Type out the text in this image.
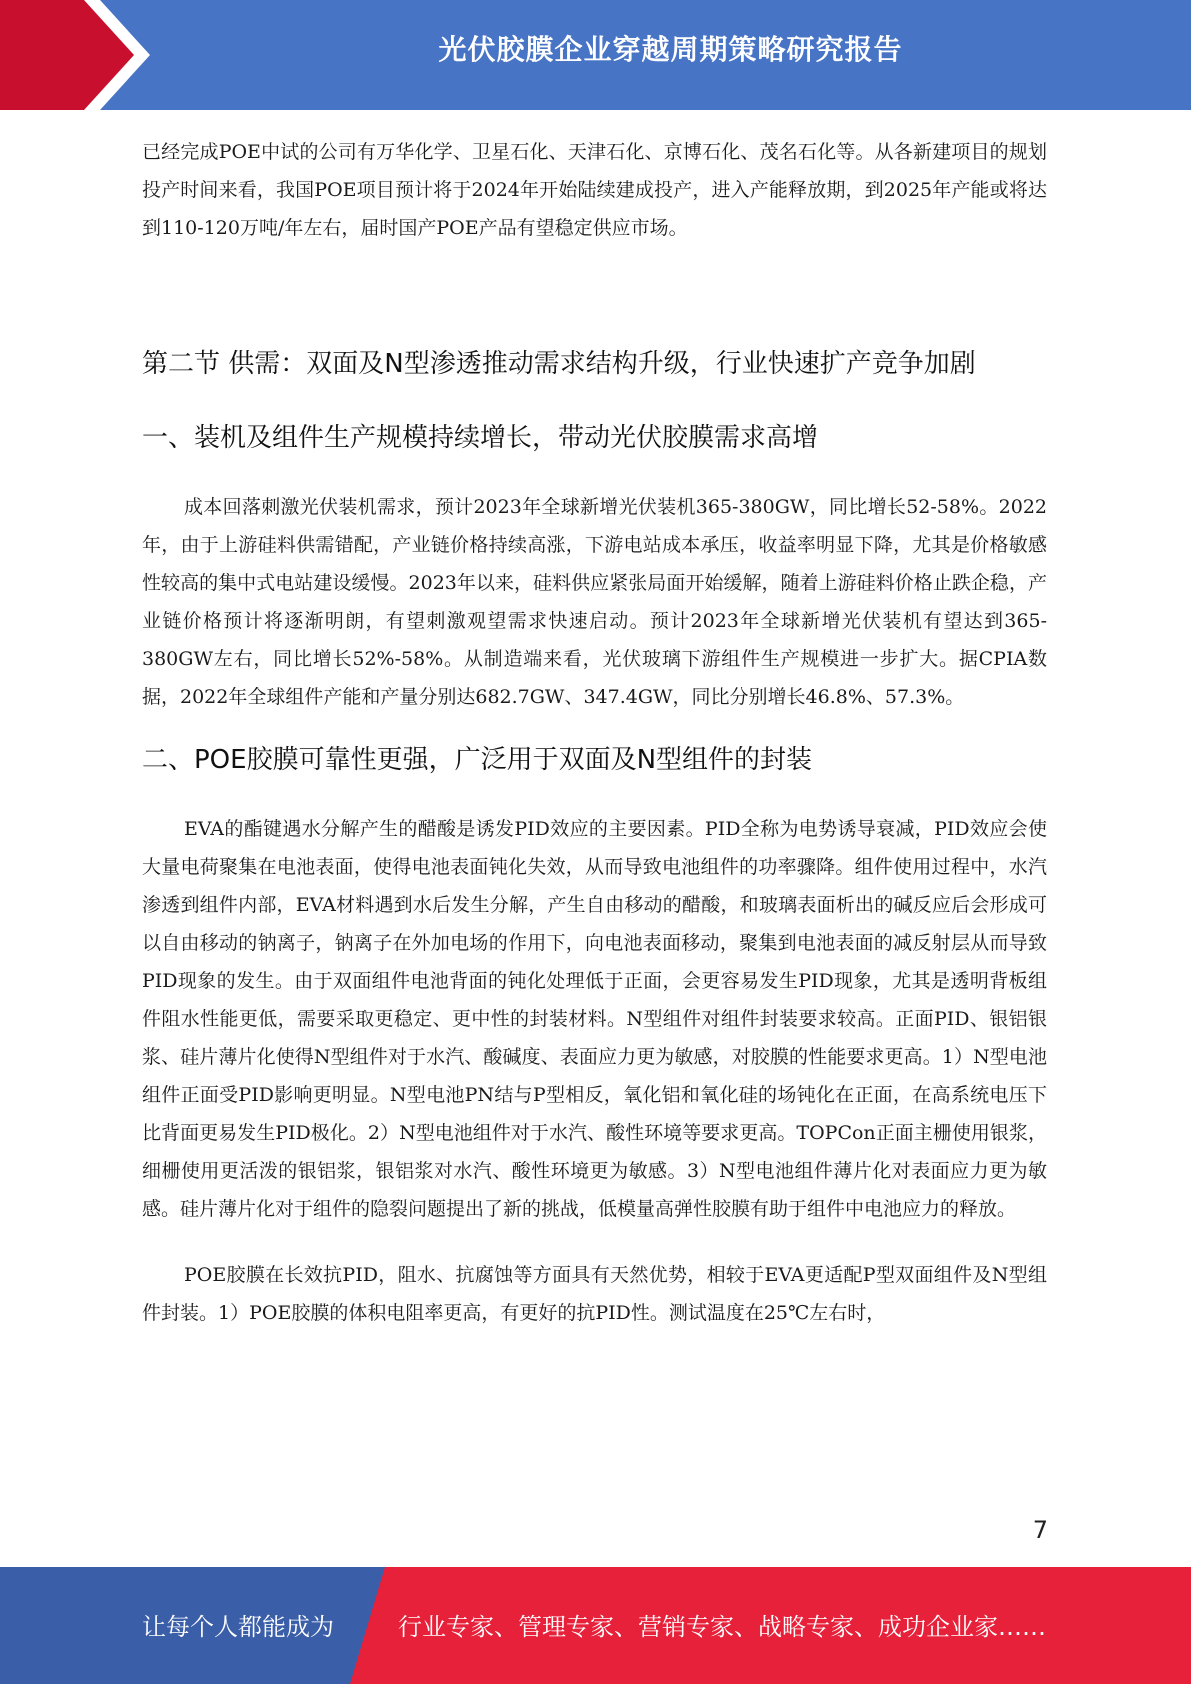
光伏胶膜企业穿越周期策略研究报告

已经完成POE中试的公司有万华化学、卫星石化、天津石化、京博石化、茂名石化等。从各新建项目的规划投产时间来看，我国POE项目预计将于2024年开始陆续建成投产，进入产能释放期，到2025年产能或将达到110-120万吨/年左右，届时国产POE产品有望稳定供应市场。

第二节 供需：双面及N型渗透推动需求结构升级，行业快速扩产竞争加剧
一、装机及组件生产规模持续增长，带动光伏胶膜需求高增

成本回落刺激光伏装机需求，预计2023年全球新增光伏装机365-380GW，同比增长52-58%。2022年，由于上游硅料供需错配，产业链价格持续高涨，下游电站成本承压，收益率明显下降，尤其是价格敏感性较高的集中式电站建设缓慢。2023年以来，硅料供应紧张局面开始缓解，随着上游硅料价格止跌企稳，产业链价格预计将逐渐明朗，有望刺激观望需求快速启动。预计2023年全球新增光伏装机有望达到365-380GW左右，同比增长52%-58%。从制造端来看，光伏玻璃下游组件生产规模进一步扩大。据CPIA数据，2022年全球组件产能和产量分别达682.7GW、347.4GW，同比分别增长46.8%、57.3%。

二、POE胶膜可靠性更强，广泛用于双面及N型组件的封装

EVA的酯键遇水分解产生的醋酸是诱发PID效应的主要因素。PID全称为电势诱导衰减，PID效应会使大量电荷聚集在电池表面，使得电池表面钝化失效，从而导致电池组件的功率骤降。组件使用过程中，水汽渗透到组件内部，EVA材料遇到水后发生分解，产生自由移动的醋酸，和玻璃表面析出的碱反应后会形成可以自由移动的钠离子，钠离子在外加电场的作用下，向电池表面移动，聚集到电池表面的减反射层从而导致PID现象的发生。由于双面组件电池背面的钝化处理低于正面，会更容易发生PID现象，尤其是透明背板组件阻水性能更低，需要采取更稳定、更中性的封装材料。N型组件对组件封装要求较高。正面PID、银铝银浆、硅片薄片化使得N型组件对于水汽、酸碱度、表面应力更为敏感，对胶膜的性能要求更高。1）N型电池组件正面受PID影响更明显。N型电池PN结与P型相反，氧化铝和氧化硅的场钝化在正面，在高系统电压下比背面更易发生PID极化。2）N型电池组件对于水汽、酸性环境等要求更高。TOPCon正面主栅使用银浆，细栅使用更活泼的银铝浆，银铝浆对水汽、酸性环境更为敏感。3）N型电池组件薄片化对表面应力更为敏感。硅片薄片化对于组件的隐裂问题提出了新的挑战，低模量高弹性胶膜有助于组件中电池应力的释放。

POE胶膜在长效抗PID，阻水、抗腐蚀等方面具有天然优势，相较于EVA更适配P型双面组件及N型组件封装。1）POE胶膜的体积电阻率更高，有更好的抗PID性。测试温度在25℃左右时，

7
让每个人都能成为	行业专家、管理专家、营销专家、战略专家、成功企业家……
